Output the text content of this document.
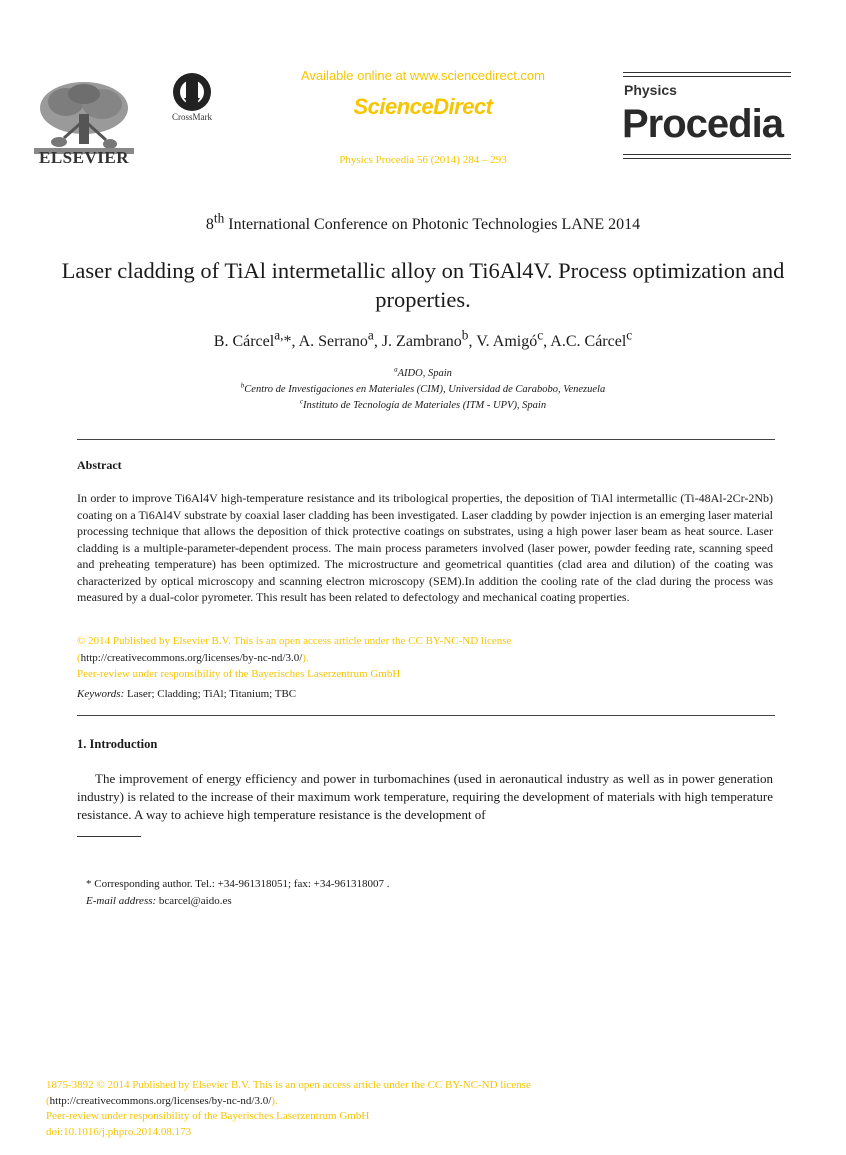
ELSEVIER
CrossMark
Available online at www.sciencedirect.com
ScienceDirect
Physics Procedia 56 (2014) 284 – 293
Physics
Procedia
8th International Conference on Photonic Technologies LANE 2014
Laser cladding of TiAl intermetallic alloy on Ti6Al4V. Process optimization and properties.
B. Cárcel$^{a,}$*, A. Serrano$^a$, J. Zambrano$^b$, V. Amigó$^c$, A.C. Cárcel$^c$
$^a$AIDO, Spain
$^b$Centro de Investigaciones en Materiales (CIM), Universidad de Carabobo, Venezuela
$^c$Instituto de Tecnología de Materiales (ITM - UPV), Spain
Abstract
In order to improve Ti6Al4V high-temperature resistance and its tribological properties, the deposition of TiAl intermetallic (Ti-48Al-2Cr-2Nb) coating on a Ti6Al4V substrate by coaxial laser cladding has been investigated. Laser cladding by powder injection is an emerging laser material processing technique that allows the deposition of thick protective coatings on substrates, using a high power laser beam as heat source. Laser cladding is a multiple-parameter-dependent process. The main process parameters involved (laser power, powder feeding rate, scanning speed and preheating temperature) has been optimized. The microstructure and geometrical quantities (clad area and dilution) of the coating was characterized by optical microscopy and scanning electron microscopy (SEM).In addition the cooling rate of the clad during the process was measured by a dual-color pyrometer. This result has been related to defectology and mechanical coating properties.
© 2014 Published by Elsevier B.V. This is an open access article under the CC BY-NC-ND license
(http://creativecommons.org/licenses/by-nc-nd/3.0/).
Peer-review under responsibility of the Bayerisches Laserzentrum GmbH
Keywords: Laser; Cladding; TiAl; Titanium; TBC
1. Introduction
The improvement of energy efficiency and power in turbomachines (used in aeronautical industry as well as in power generation industry) is related to the increase of their maximum work temperature, requiring the development of materials with high temperature resistance. A way to achieve high temperature resistance is the development of
* Corresponding author. Tel.: +34-961318051; fax: +34-961318007 .
E-mail address: bcarcel@aido.es
1875-3892 © 2014 Published by Elsevier B.V. This is an open access article under the CC BY-NC-ND license
(http://creativecommons.org/licenses/by-nc-nd/3.0/).
Peer-review under responsibility of the Bayerisches Laserzentrum GmbH
doi:10.1016/j.phpro.2014.08.173
